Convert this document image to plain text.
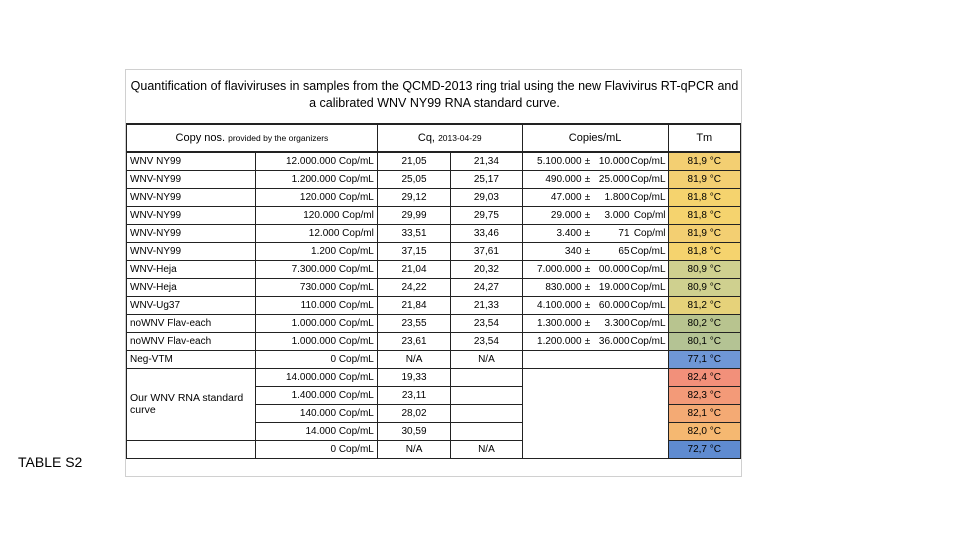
TABLE S2
Quantification of flaviviruses in samples from the QCMD-2013 ring trial using the new Flavivirus RT-qPCR and
a calibrated WNV NY99 RNA standard curve.
Copy nos. provided by the organizers		Cq, 2013-04-29		Copies/mL	Tm
WNV NY99	12.000.000 Cop/mL	21,05	21,34	5.100.000 ± 10.000Cop/mL	81,9 °C
WNV-NY99	1.200.000 Cop/mL	25,05	25,17	490.000 ± 25.000Cop/mL	81,9 °C
WNV-NY99	120.000 Cop/mL	29,12	29,03	47.000 ± 1.800Cop/mL	81,8 °C
WNV-NY99	120.000 Cop/ml	29,99	29,75	29.000 ± 3.000 Cop/ml	81,8 °C
WNV-NY99	12.000 Cop/ml	33,51	33,46	3.400 ± 71 Cop/ml	81,9 °C
WNV-NY99	1.200 Cop/mL	37,15	37,61	340 ± 65Cop/mL	81,8 °C
WNV-Heja	7.300.000 Cop/mL	21,04	20,32	7.000.000 ± 00.000Cop/mL	80,9 °C
WNV-Heja	730.000 Cop/mL	24,22	24,27	830.000 ± 19.000Cop/mL	80,9 °C
WNV-Ug37	110.000 Cop/mL	21,84	21,33	4.100.000 ± 60.000Cop/mL	81,2 °C
noWNV Flav-each	1.000.000 Cop/mL	23,55	23,54	1.300.000 ± 3.300Cop/mL	80,2 °C
noWNV Flav-each	1.000.000 Cop/mL	23,61	23,54	1.200.000 ± 36.000Cop/mL	80,1 °C
Neg-VTM	0 Cop/mL	N/A	N/A		77,1 °C
Our WNV RNA standard curve	14.000.000 Cop/mL	19,33			82,4 °C
	1.400.000 Cop/mL	23,11			82,3 °C
	140.000 Cop/mL	28,02			82,1 °C
	14.000 Cop/mL	30,59			82,0 °C
	0 Cop/mL	N/A	N/A		72,7 °C
